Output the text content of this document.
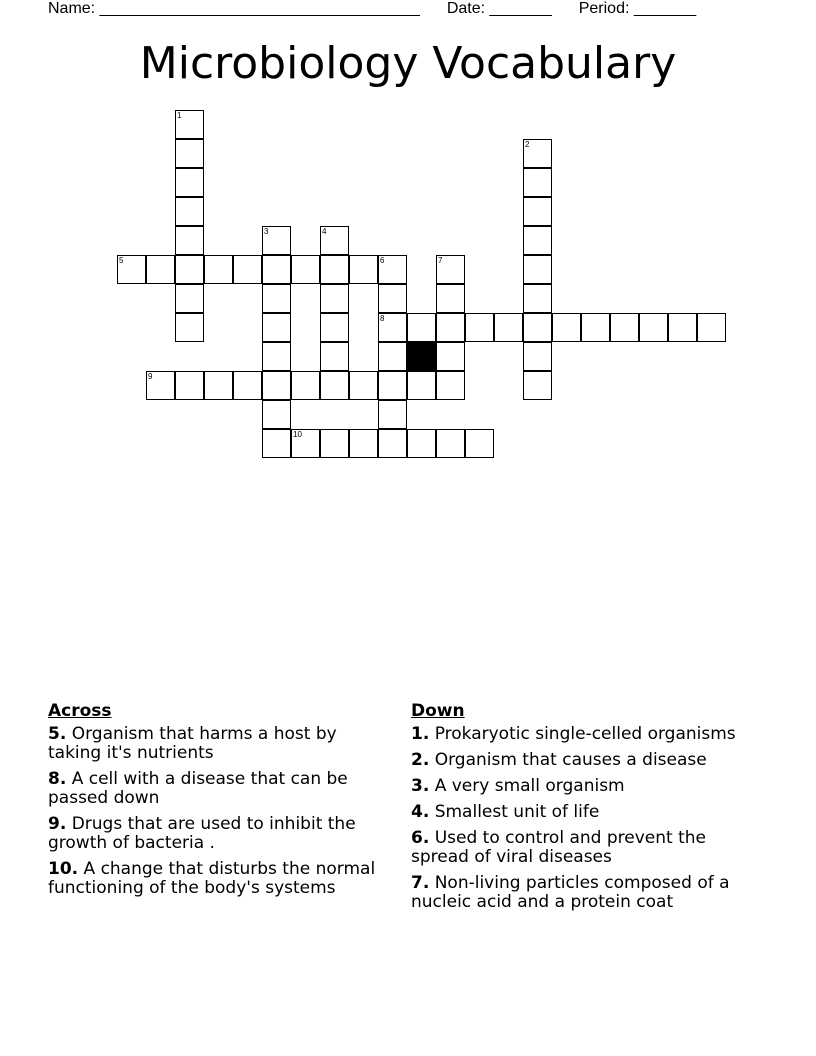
Name: ____________________________________ Date: _______ Period: _______
Microbiology Vocabulary
1
2
3	4
5	6
8
7
9
10
Across
5. Organism that harms a host by taking it's nutrients
8. A cell with a disease that can be passed down
9. Drugs that are used to inhibit the growth of bacteria .
10. A change that disturbs the normal functioning of the body's systems
Down
1. Prokaryotic single-celled organisms
2. Organism that causes a disease
3. A very small organism
4. Smallest unit of life
6. Used to control and prevent the spread of viral diseases
7. Non-living particles composed of a nucleic acid and a protein coat
